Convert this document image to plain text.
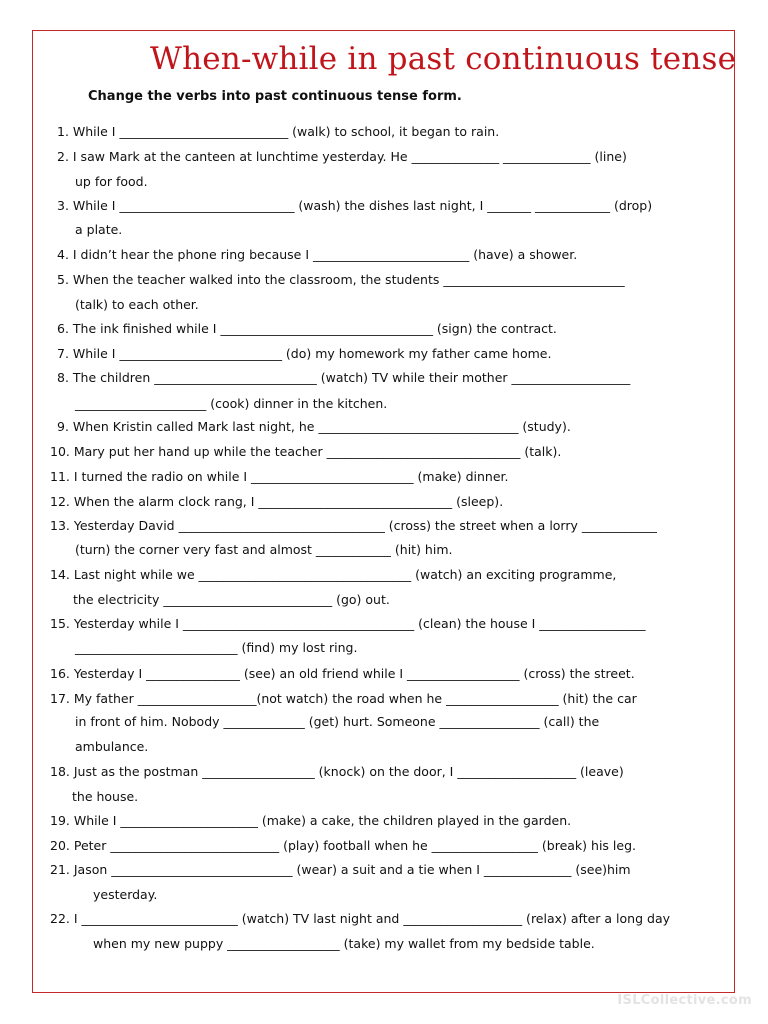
When-while in past continuous tense
Change the verbs into past continuous tense form.
1. While I ___________________________ (walk) to school, it began to rain.
2. I saw Mark at the canteen at lunchtime yesterday. He ______________ ______________ (line)
up for food.
3. While I ____________________________ (wash) the dishes last night, I _______ ____________ (drop)
a plate.
4. I didn’t hear the phone ring because I _________________________ (have) a shower.
5. When the teacher walked into the classroom, the students _____________________________
(talk) to each other.
6. The ink finished while I __________________________________ (sign) the contract.
7. While I __________________________ (do) my homework my father came home.
8. The children __________________________ (watch) TV while their mother ___________________
_____________________ (cook) dinner in the kitchen.
9. When Kristin called Mark last night, he ________________________________ (study).
10. Mary put her hand up while the teacher _______________________________ (talk).
11. I turned the radio on while I __________________________ (make) dinner.
12. When the alarm clock rang, I _______________________________ (sleep).
13. Yesterday David _________________________________ (cross) the street when a lorry ____________
(turn) the corner very fast and almost ____________ (hit) him.
14. Last night while we __________________________________ (watch) an exciting programme,
the electricity ___________________________ (go) out.
15. Yesterday while I _____________________________________ (clean) the house I _________________
__________________________ (find) my lost ring.
16. Yesterday I _______________ (see) an old friend while I __________________ (cross) the street.
17. My father ___________________(not watch) the road when he __________________ (hit) the car
in front of him. Nobody _____________ (get) hurt. Someone ________________ (call) the
ambulance.
18. Just as the postman __________________ (knock) on the door, I ___________________ (leave)
the house.
19. While I ______________________ (make) a cake, the children played in the garden.
20. Peter ___________________________ (play) football when he _________________ (break) his leg.
21. Jason _____________________________ (wear) a suit and a tie when I ______________ (see)him
yesterday.
22. I _________________________ (watch) TV last night and ___________________ (relax) after a long day
when my new puppy __________________ (take) my wallet from my bedside table.
ISLCollective.com
